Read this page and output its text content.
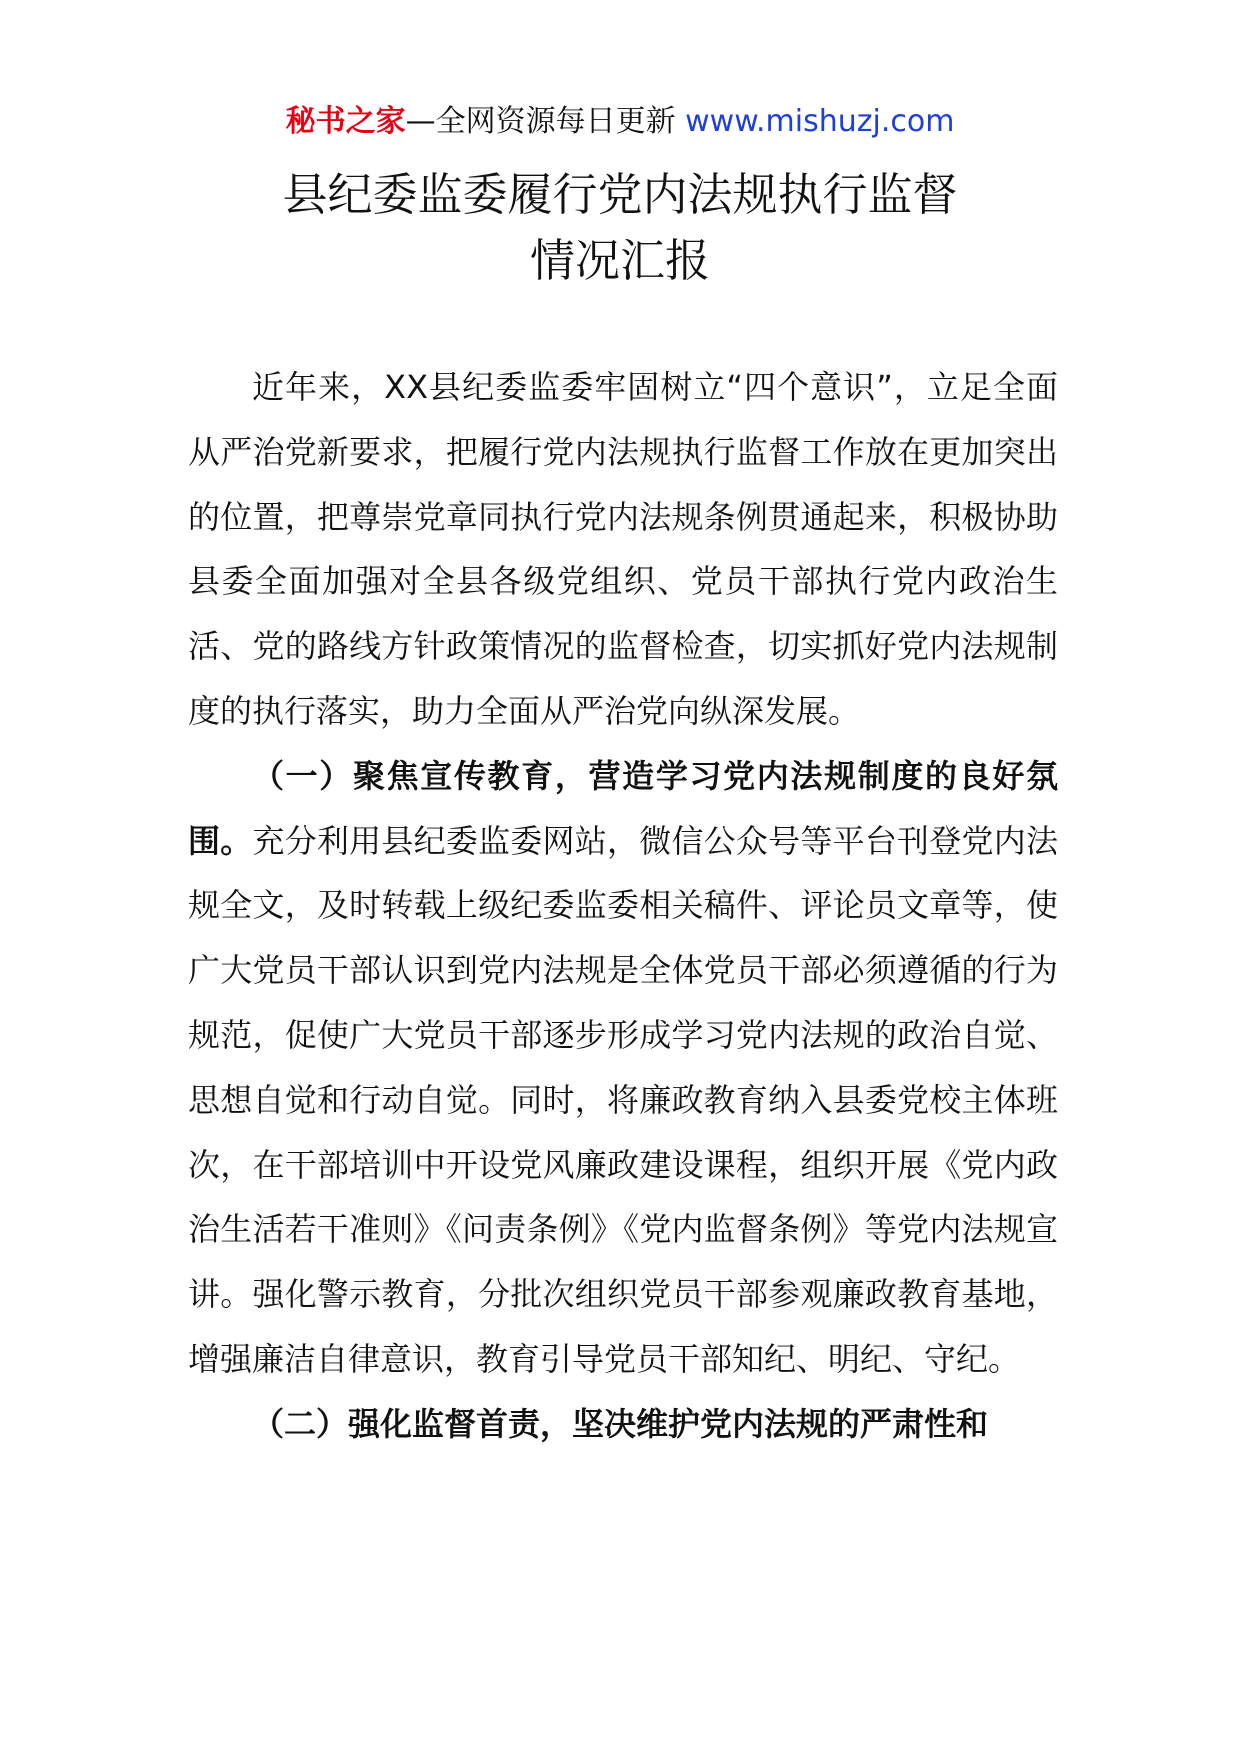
秘书之家—全网资源每日更新 www.mishuzj.com
县纪委监委履行党内法规执行监督
情况汇报

近年来，XX县纪委监委牢固树立“四个意识”，立足全面从严治党新要求，把履行党内法规执行监督工作放在更加突出的位置，把尊崇党章同执行党内法规条例贯通起来，积极协助县委全面加强对全县各级党组织、党员干部执行党内政治生活、党的路线方针政策情况的监督检查，切实抓好党内法规制度的执行落实，助力全面从严治党向纵深发展。

（一）聚焦宣传教育，营造学习党内法规制度的良好氛围。充分利用县纪委监委网站，微信公众号等平台刊登党内法规全文，及时转载上级纪委监委相关稿件、评论员文章等，使广大党员干部认识到党内法规是全体党员干部必须遵循的行为规范，促使广大党员干部逐步形成学习党内法规的政治自觉、思想自觉和行动自觉。同时，将廉政教育纳入县委党校主体班次，在干部培训中开设党风廉政建设课程，组织开展《党内政治生活若干准则》《问责条例》《党内监督条例》等党内法规宣讲。强化警示教育，分批次组织党员干部参观廉政教育基地，增强廉洁自律意识，教育引导党员干部知纪、明纪、守纪。

（二）强化监督首责，坚决维护党内法规的严肃性和
